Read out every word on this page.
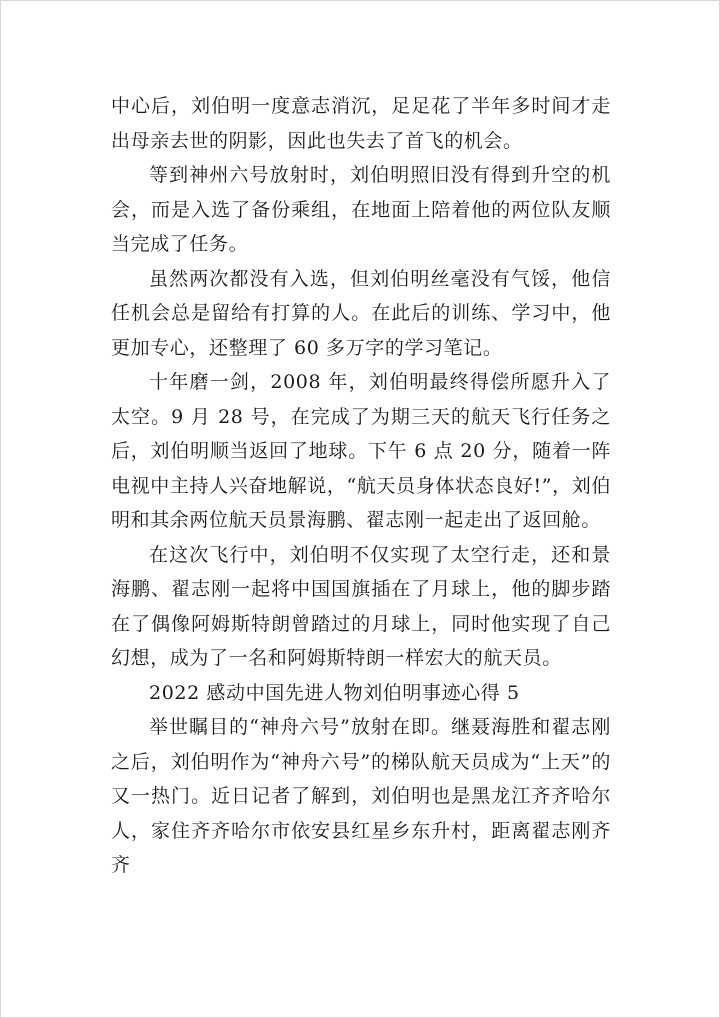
中心后，刘伯明一度意志消沉，足足花了半年多时间才走出母亲去世的阴影，因此也失去了首飞的机会。

等到神州六号放射时，刘伯明照旧没有得到升空的机会，而是入选了备份乘组，在地面上陪着他的两位队友顺当完成了任务。

虽然两次都没有入选，但刘伯明丝毫没有气馁，他信任机会总是留给有打算的人。在此后的训练、学习中，他更加专心，还整理了 60 多万字的学习笔记。

十年磨一剑，2008 年，刘伯明最终得偿所愿升入了太空。9 月 28 号，在完成了为期三天的航天飞行任务之后，刘伯明顺当返回了地球。下午 6 点 20 分，随着一阵电视中主持人兴奋地解说，“航天员身体状态良好!”，刘伯明和其余两位航天员景海鹏、翟志刚一起走出了返回舱。

在这次飞行中，刘伯明不仅实现了太空行走，还和景海鹏、翟志刚一起将中国国旗插在了月球上，他的脚步踏在了偶像阿姆斯特朗曾踏过的月球上，同时他实现了自己幻想，成为了一名和阿姆斯特朗一样宏大的航天员。

2022 感动中国先进人物刘伯明事迹心得 5

举世瞩目的“神舟六号”放射在即。继聂海胜和翟志刚之后，刘伯明作为“神舟六号”的梯队航天员成为“上天”的又一热门。近日记者了解到，刘伯明也是黑龙江齐齐哈尔人，家住齐齐哈尔市依安县红星乡东升村，距离翟志刚齐齐
